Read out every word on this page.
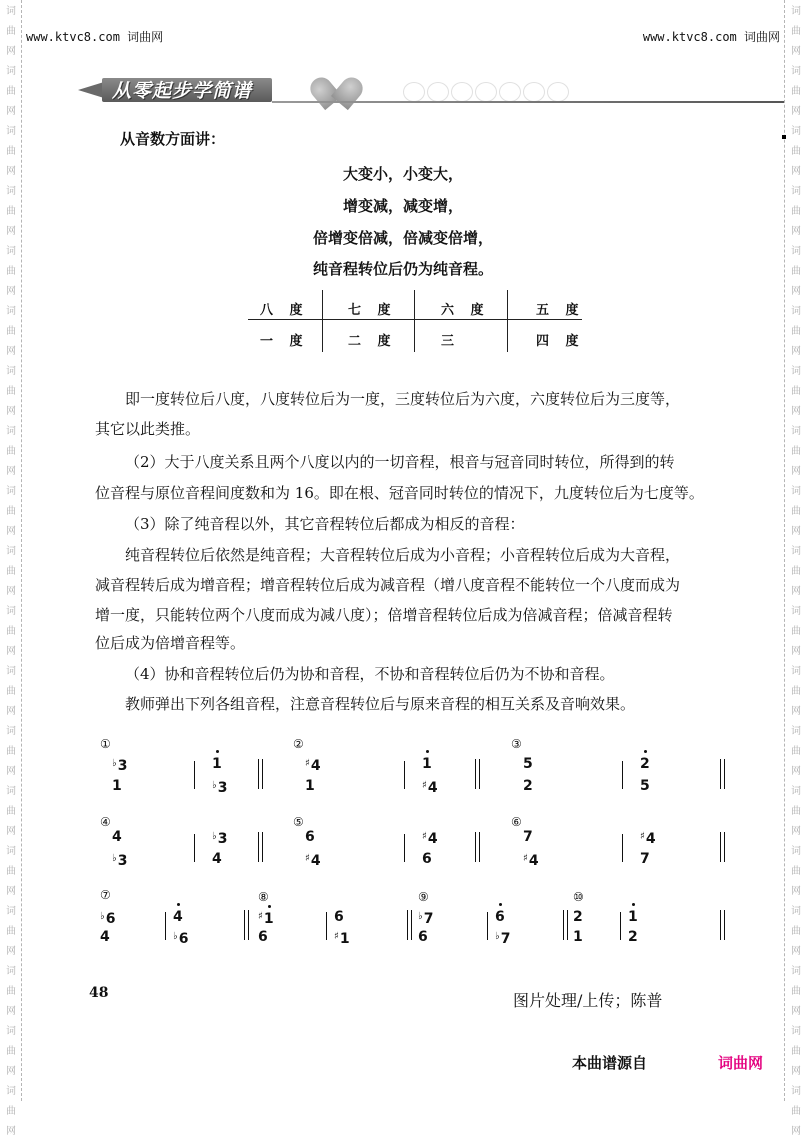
词
曲
网
词
曲
网
词
曲
网
词
曲
网
词
曲
网
词
曲
网
词
曲
网
词
曲
网
词
曲
网
词
曲
网
词
曲
网
词
曲
网
词
曲
网
词
曲
网
词
曲
网
词
曲
网
词
曲
网
词
曲
网
词
曲
网
词
曲
网
词
曲
网
词
曲
网
词
曲
网
词
曲
网
词
曲
网
词
曲
网
词
曲
网
词
曲
网
词
曲
网
词
曲
网
词
曲
网
词
曲
网
词
曲
网
词
曲
网
词
曲
网
词
曲
网
词
曲
网
词
曲
网
www.ktvc8.com 词曲网	www.ktvc8.com 词曲网
从零起步学简谱
从音数方面讲：
大变小，小变大，
增变减，减变增，
倍增变倍减，倍减变倍增，
纯音程转位后仍为纯音程。
八 度	七 度	六 度	五 度
一 度	二 度	三	四 度
即一度转位后八度，八度转位后为一度，三度转位后为六度，六度转位后为三度等，
其它以此类推。
（2）大于八度关系且两个八度以内的一切音程，根音与冠音同时转位，所得到的转
位音程与原位音程间度数和为 16。即在根、冠音同时转位的情况下，九度转位后为七度等。
（3）除了纯音程以外，其它音程转位后都成为相反的音程：
纯音程转位后依然是纯音程；大音程转位后成为小音程；小音程转位后成为大音程，
减音程转后成为增音程；增音程转位后成为减音程（增八度音程不能转位一个八度而成为
增一度，只能转位两个八度而成为减八度）；倍增音程转位后成为倍减音程；倍减音程转
位后成为倍增音程等。
（4）协和音程转位后仍为协和音程，不协和音程转位后仍为不协和音程。
教师弹出下列各组音程，注意音程转位后与原来音程的相互关系及音响效果。
①
♭3
1
1
♭3
②
♯4
1
1
♯4
③
5
2
2
5
④
4
♭3
♭3
4
⑤
6
♯4
♯4
6
⑥
7
♯4
♯4
7
⑦
♭6
4
4
♭6
⑧
♯1
6
6
♯1
⑨
♭7
6
6
♭7
⑩
2
1
1
2
48	图片处理/上传；陈普
本曲谱源自	词曲网
